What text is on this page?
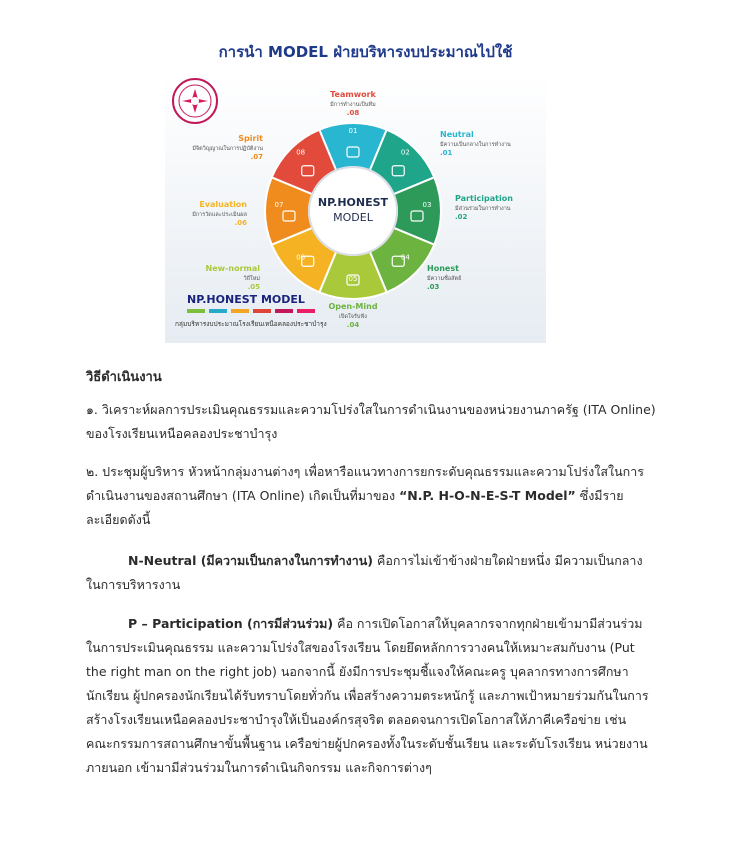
การนำ MODEL ฝ่ายบริหารงบประมาณไปใช้
01
02
03
04
05
06
07
08
NP.HONEST
MODEL
Neutral
มีความเป็นกลางในการทำงาน
.01
Participation
มีส่วนร่วมในการทำงาน
.02
Honest
มีความซื่อสัตย์
.03
Open-Mind
เปิดใจรับฟัง
.04
New-normal
วิถีใหม่
.05
Evaluation
มีการวัดและประเมินผล
.06
Spirit
มีจิตวิญญาณในการปฏิบัติงาน
.07
Teamwork
มีการทำงานเป็นทีม
.08
NP.HONEST MODEL
กลุ่มบริหารงบประมาณโรงเรียนเหนือคลองประชาบำรุง
วิธีดำเนินงาน
๑. วิเคราะห์ผลการประเมินคุณธรรมและความโปร่งใสในการดำเนินงานของหน่วยงานภาครัฐ (ITA Online) ของโรงเรียนเหนือคลองประชาบำรุง
๒. ประชุมผู้บริหาร หัวหน้ากลุ่มงานต่างๆ เพื่อหารือแนวทางการยกระดับคุณธรรมและความโปร่งใสในการดำเนินงานของสถานศึกษา (ITA Online) เกิดเป็นที่มาของ “N.P. H-O-N-E-S-T Model” ซึ่งมีรายละเอียดดังนี้
N-Neutral (มีความเป็นกลางในการทำงาน) คือการไม่เข้าข้างฝ่ายใดฝ่ายหนึ่ง มีความเป็นกลางในการบริหารงาน
P – Participation (การมีส่วนร่วม) คือ การเปิดโอกาสให้บุคลากรจากทุกฝ่ายเข้ามามีส่วนร่วมในการประเมินคุณธรรม และความโปร่งใสของโรงเรียน โดยยึดหลักการวางคนให้เหมาะสมกับงาน (Put the right man on the right job) นอกจากนี้ ยังมีการประชุมชี้แจงให้คณะครู บุคลากรทางการศึกษา นักเรียน ผู้ปกครองนักเรียนได้รับทราบโดยทั่วกัน เพื่อสร้างความตระหนักรู้ และภาพเป้าหมายร่วมกันในการสร้างโรงเรียนเหนือคลองประชาบำรุงให้เป็นองค์กรสุจริต ตลอดจนการเปิดโอกาสให้ภาคีเครือข่าย เช่น คณะกรรมการสถานศึกษาขั้นพื้นฐาน เครือข่ายผู้ปกครองทั้งในระดับชั้นเรียน และระดับโรงเรียน หน่วยงานภายนอก เข้ามามีส่วนร่วมในการดำเนินกิจกรรม และกิจการต่างๆ
